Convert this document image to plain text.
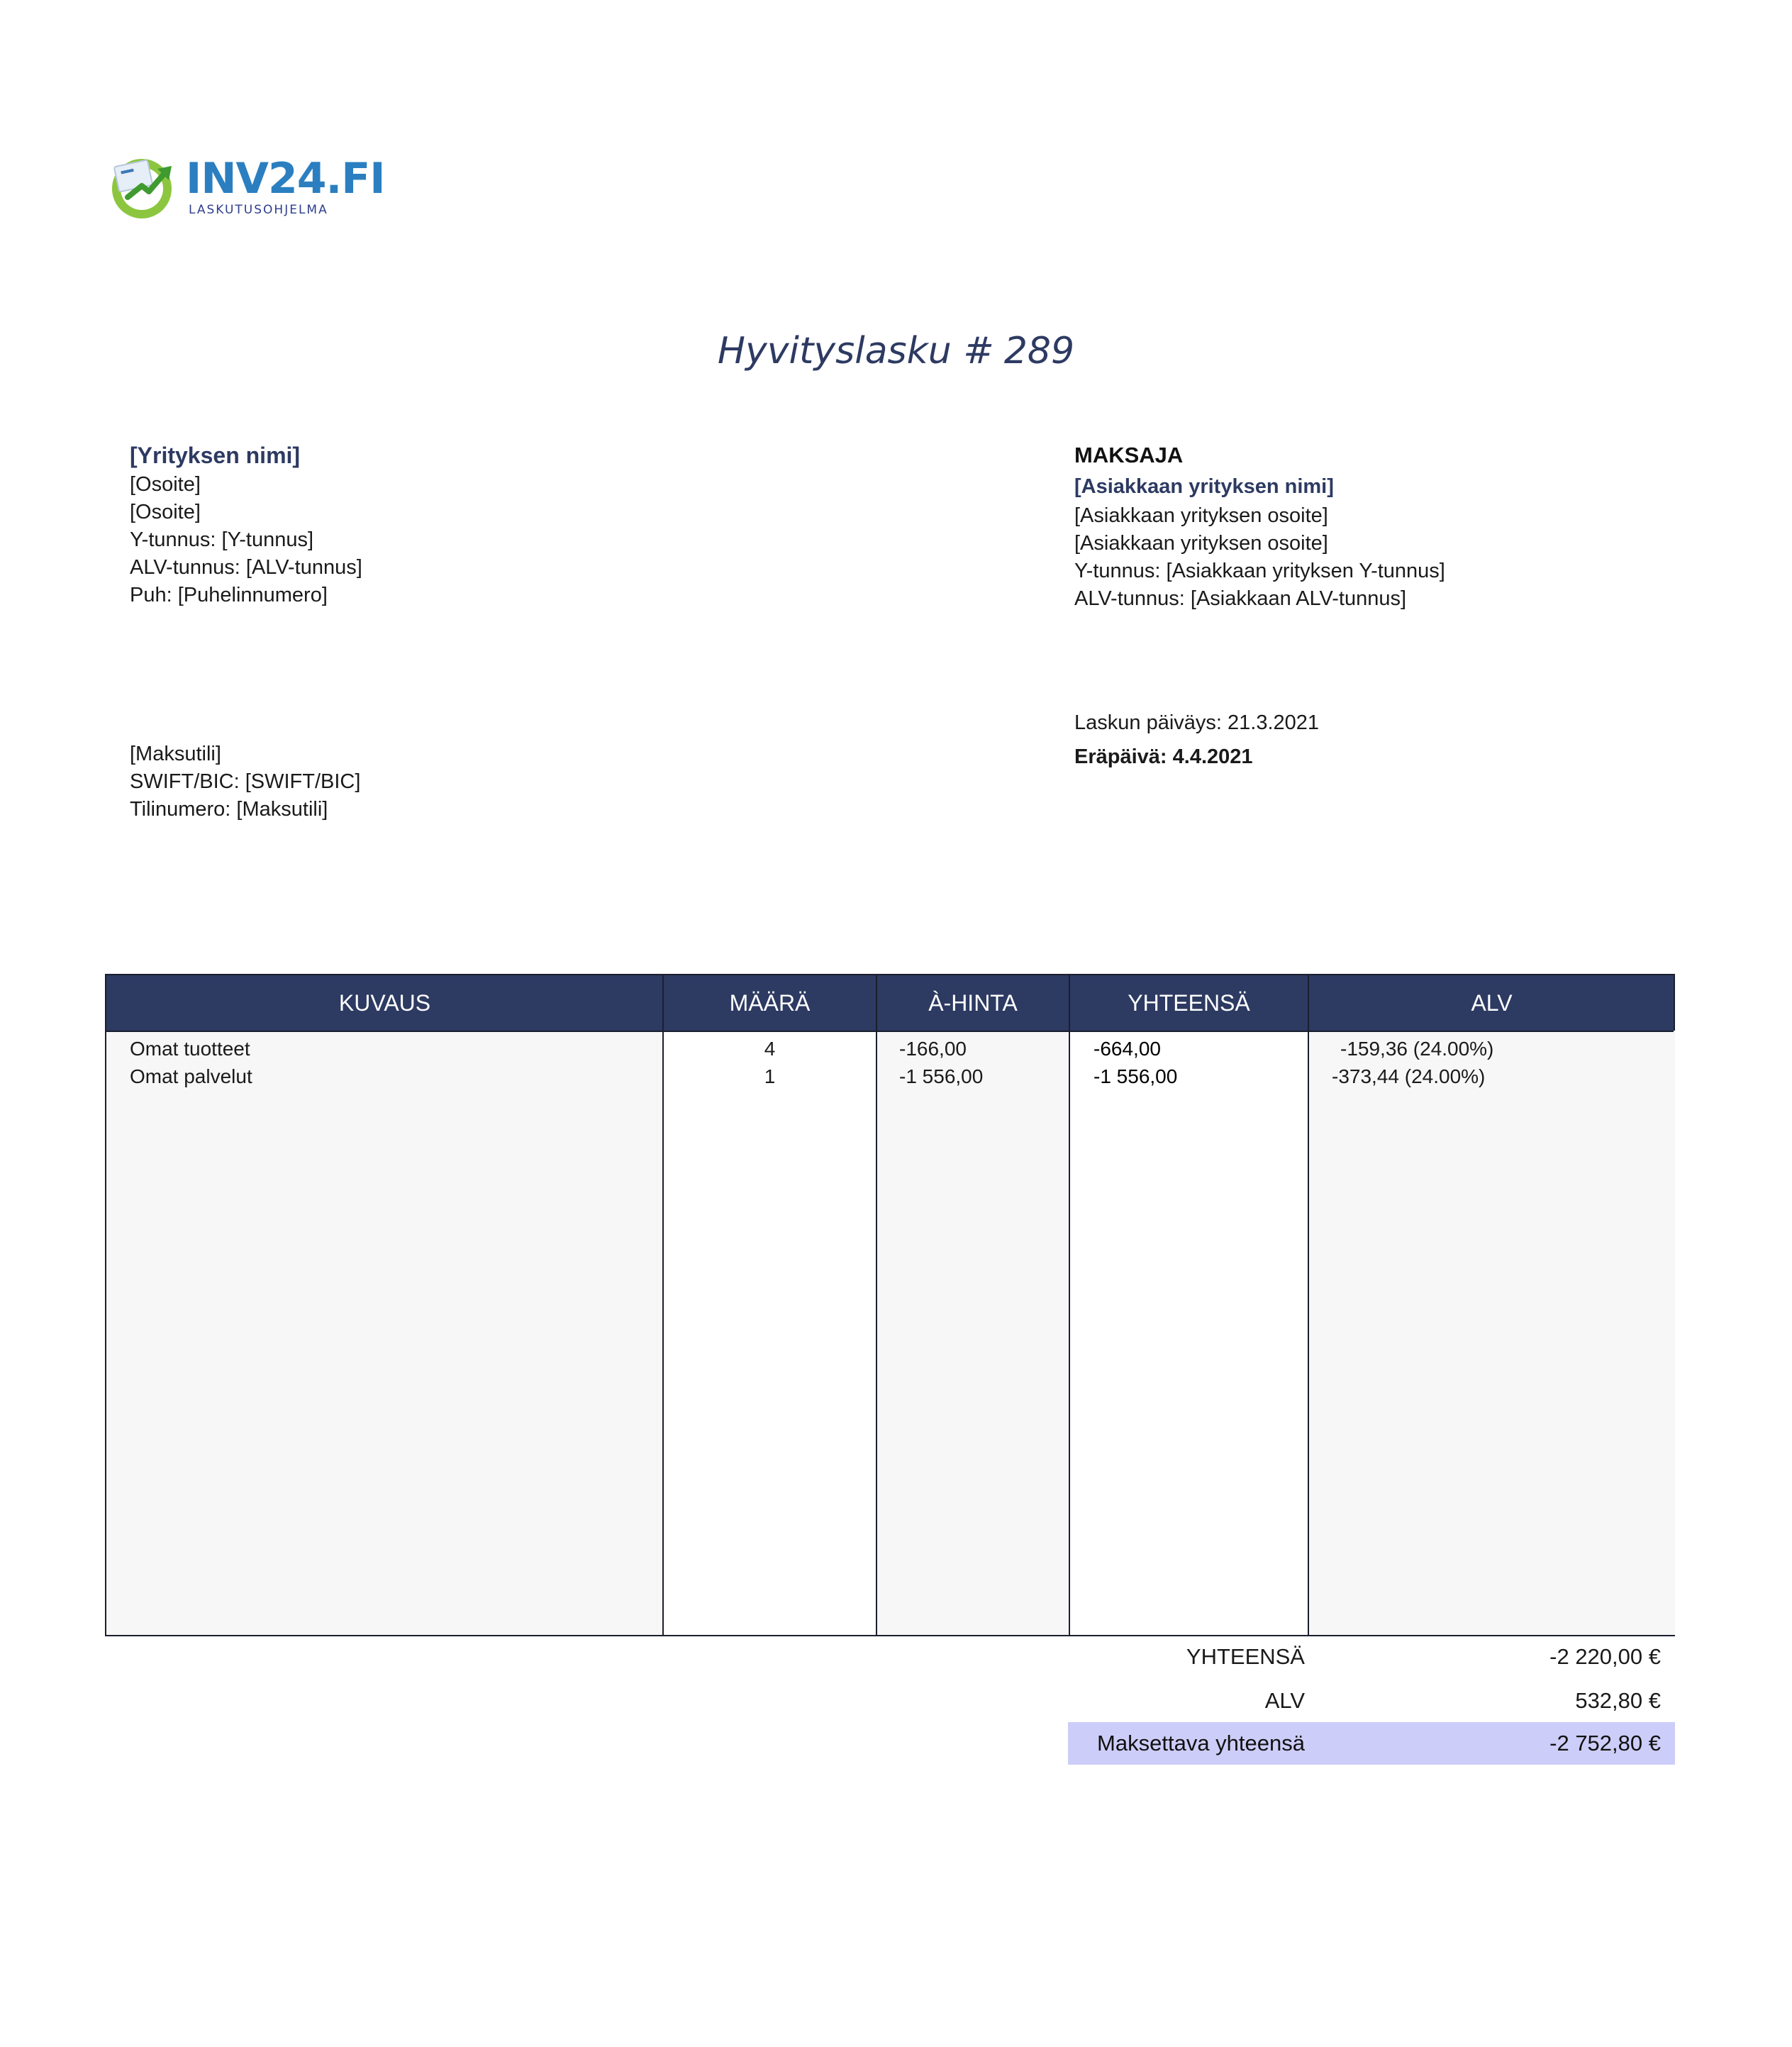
INV24.FI
LASKUTUSOHJELMA
Hyvityslasku # 289
[Yrityksen nimi]
[Osoite]
[Osoite]
Y-tunnus: [Y-tunnus]
ALV-tunnus: [ALV-tunnus]
Puh: [Puhelinnumero]
MAKSAJA
[Asiakkaan yrityksen nimi]
[Asiakkaan yrityksen osoite]
[Asiakkaan yrityksen osoite]
Y-tunnus: [Asiakkaan yrityksen Y-tunnus]
ALV-tunnus: [Asiakkaan ALV-tunnus]
Laskun päiväys: 21.3.2021
Eräpäivä: 4.4.2021
[Maksutili]
SWIFT/BIC: [SWIFT/BIC]
Tilinumero: [Maksutili]
KUVAUS	MÄÄRÄ	À-HINTA	YHTEENSÄ	ALV
Omat tuotteet	4	-166,00	-664,00	-159,36 (24.00%)
Omat palvelut	1	-1 556,00	-1 556,00	-373,44 (24.00%)
YHTEENSÄ	-2 220,00 €
ALV	532,80 €
Maksettava yhteensä	-2 752,80 €
